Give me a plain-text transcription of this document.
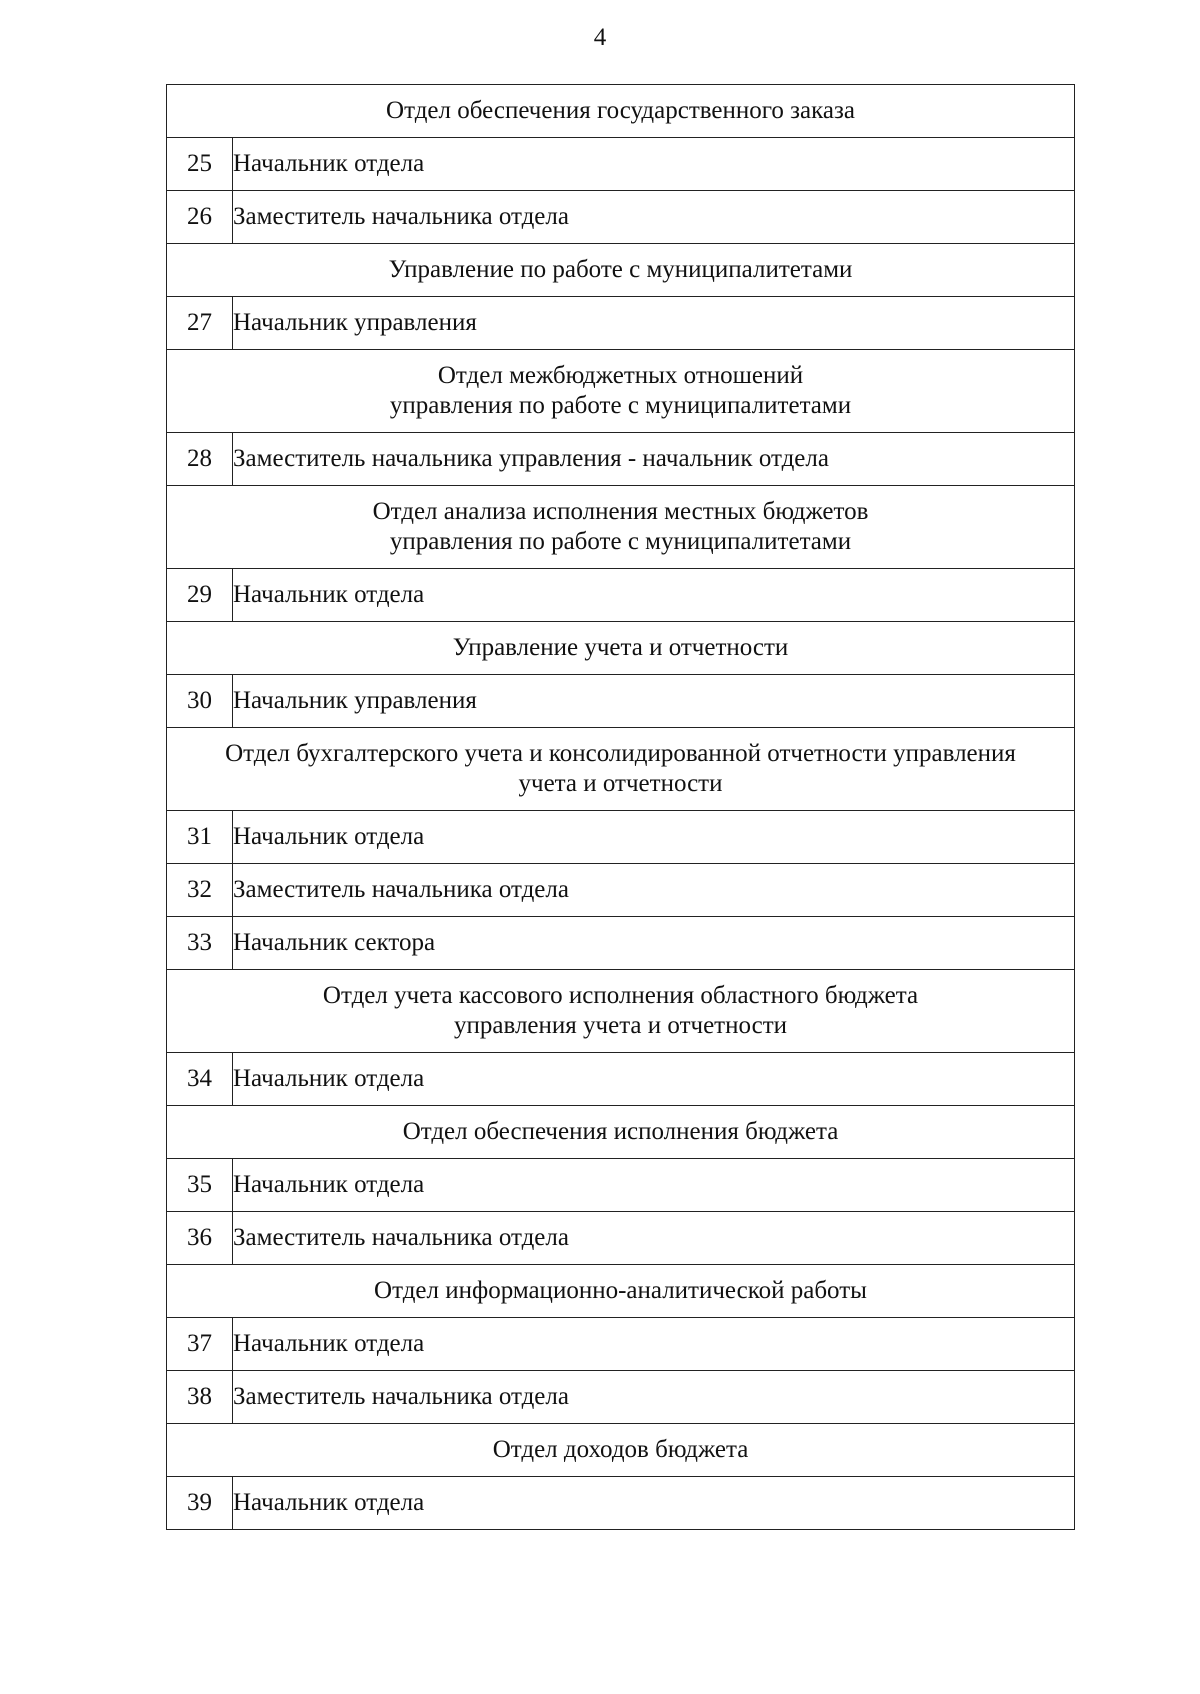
4
Отдел обеспечения государственного заказа	

25	Начальник отдела
26	Заместитель начальника отдела

Управление по работе с муниципалитетами	

27	Начальник управления

Отдел межбюджетных отношений
управления по работе с муниципалитетами	

28	Заместитель начальника управления - начальник отдела

Отдел анализа исполнения местных бюджетов
управления по работе с муниципалитетами	

29	Начальник отдела

Управление учета и отчетности	

30	Начальник управления

Отдел бухгалтерского учета и консолидированной отчетности управления
учета и отчетности	

31	Начальник отдела
32	Заместитель начальника отдела
33	Начальник сектора

Отдел учета кассового исполнения областного бюджета
управления учета и отчетности	

34	Начальник отдела

Отдел обеспечения исполнения бюджета	

35	Начальник отдела
36	Заместитель начальника отдела

Отдел информационно-аналитической работы	

37	Начальник отдела
38	Заместитель начальника отдела

Отдел доходов бюджета	

39	Начальник отдела
